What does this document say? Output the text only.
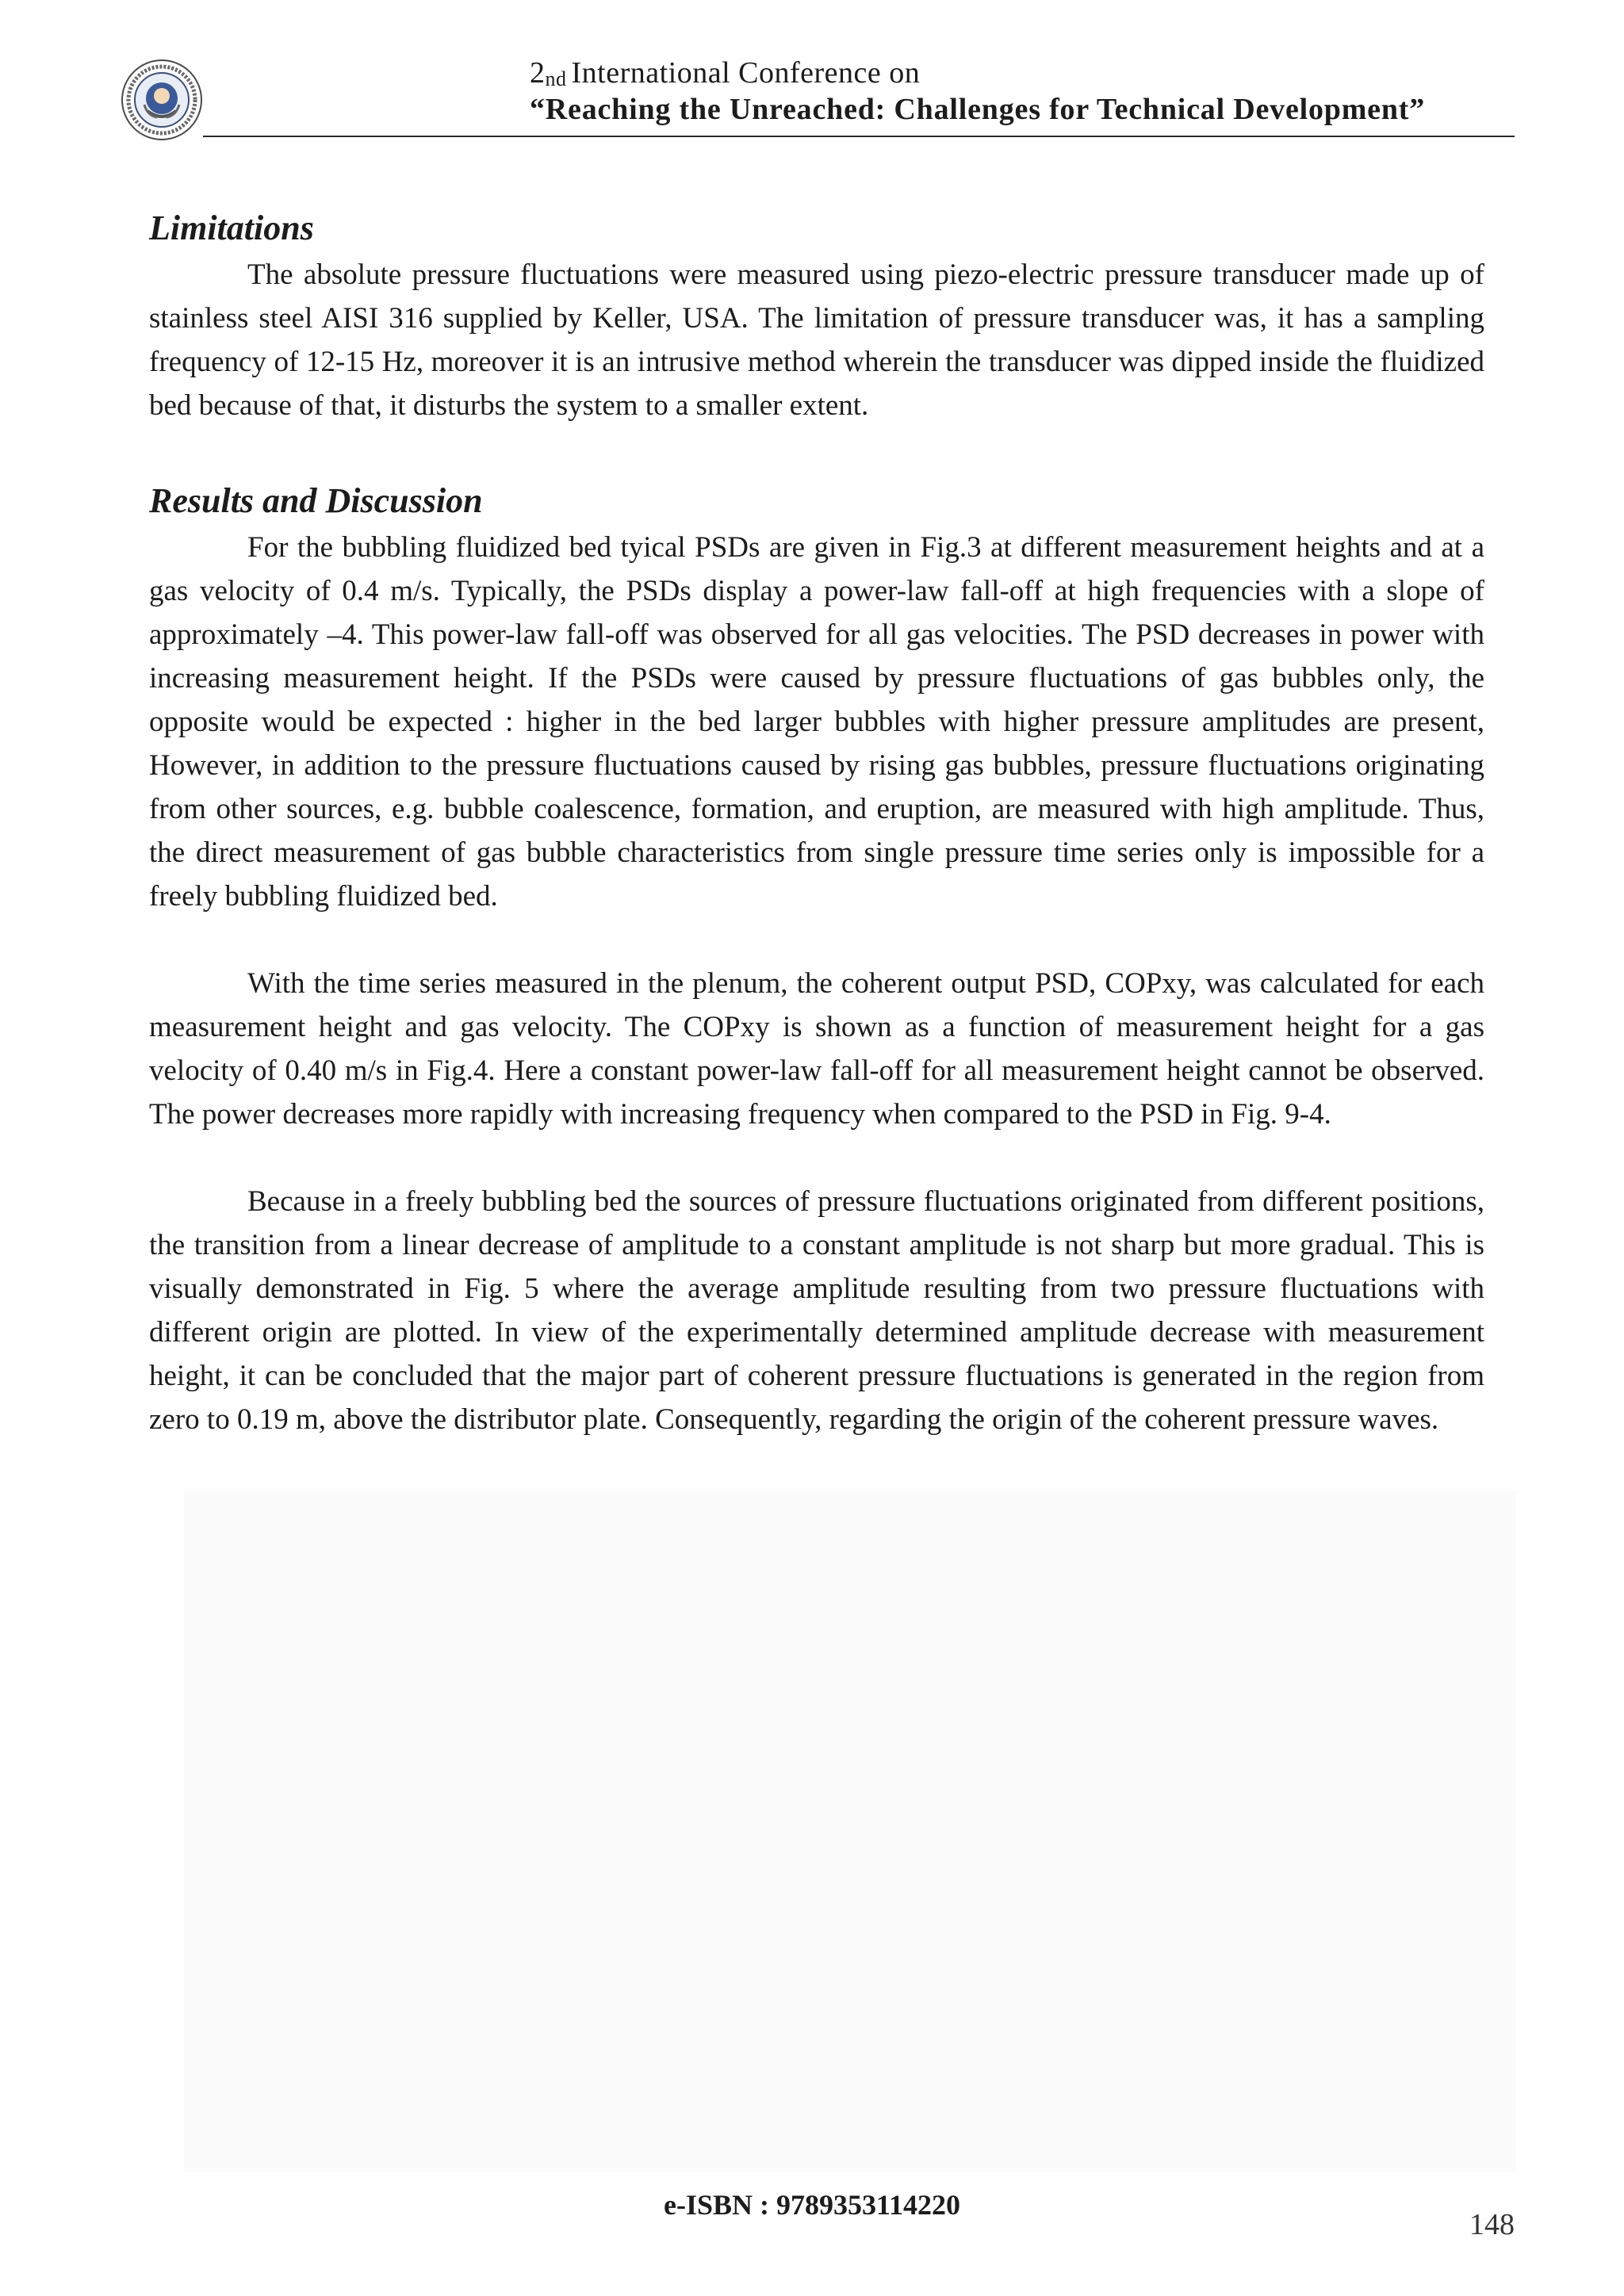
2nd International Conference on
“Reaching the Unreached: Challenges for Technical Development”
Limitations

The absolute pressure fluctuations were measured using piezo-electric pressure transducer made up of stainless steel AISI 316 supplied by Keller, USA. The limitation of pressure transducer was, it has a sampling frequency of 12-15 Hz, moreover it is an intrusive method wherein the transducer was dipped inside the fluidized bed because of that, it disturbs the system to a smaller extent.

Results and Discussion

For the bubbling fluidized bed tyical PSDs are given in Fig.3 at different measurement heights and at a gas velocity of 0.4 m/s. Typically, the PSDs display a power-law fall-off at high frequencies with a slope of approximately –4. This power-law fall-off was observed for all gas velocities. The PSD decreases in power with increasing measurement height. If the PSDs were caused by pressure fluctuations of gas bubbles only, the opposite would be expected : higher in the bed larger bubbles with higher pressure amplitudes are present, However, in addition to the pressure fluctuations caused by rising gas bubbles, pressure fluctuations originating from other sources, e.g. bubble coalescence, formation, and eruption, are measured with high amplitude. Thus, the direct measurement of gas bubble characteristics from single pressure time series only is impossible for a freely bubbling fluidized bed.

With the time series measured in the plenum, the coherent output PSD, COPxy, was calculated for each measurement height and gas velocity. The COPxy is shown as a function of measurement height for a gas velocity of 0.40 m/s in Fig.4. Here a constant power-law fall-off for all measurement height cannot be observed. The power decreases more rapidly with increasing frequency when compared to the PSD in Fig. 9-4.

Because in a freely bubbling bed the sources of pressure fluctuations originated from different positions, the transition from a linear decrease of amplitude to a constant amplitude is not sharp but more gradual. This is visually demonstrated in Fig. 5 where the average amplitude resulting from two pressure fluctuations with different origin are plotted. In view of the experimentally determined amplitude decrease with measurement height, it can be concluded that the major part of coherent pressure fluctuations is generated in the region from zero to 0.19 m, above the distributor plate. Consequently, regarding the origin of the coherent pressure waves.

e-ISBN : 9789353114220
148
